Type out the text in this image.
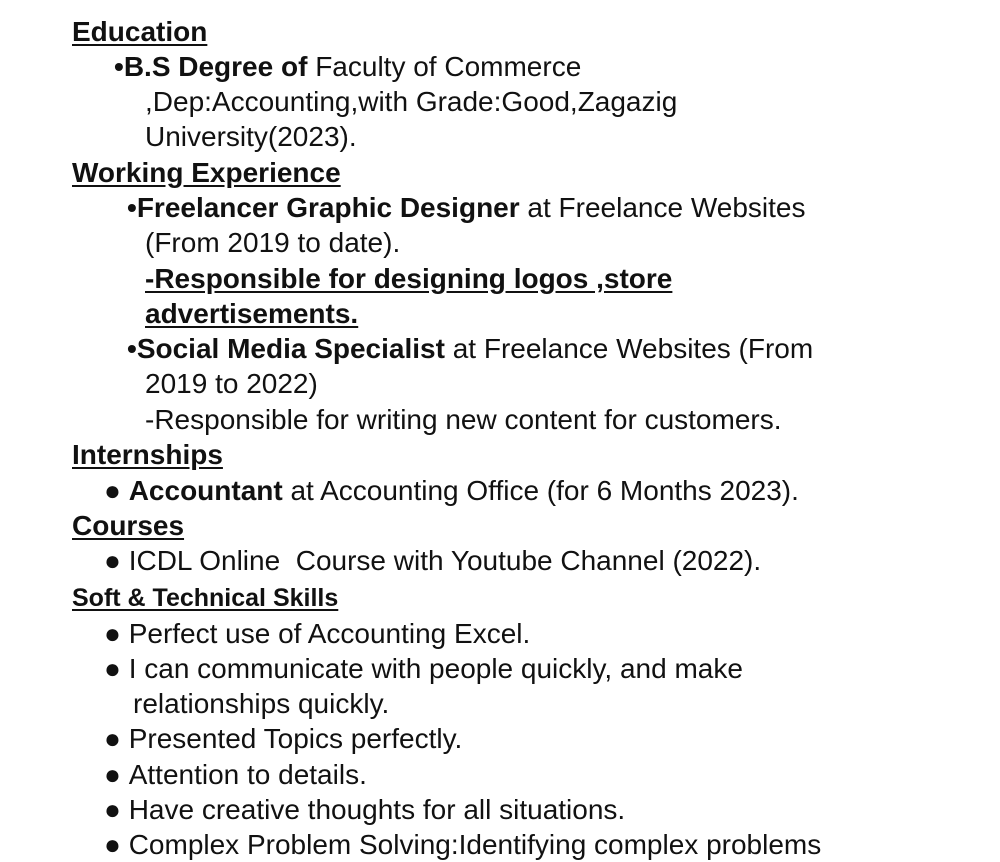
Education
•B.S Degree of Faculty of Commerce
,Dep:Accounting,with Grade:Good,Zagazig
University(2023).
Working Experience
•Freelancer Graphic Designer at Freelance Websites
(From 2019 to date).
-Responsible for designing logos ,store
advertisements.
•Social Media Specialist at Freelance Websites (From
2019 to 2022)
-Responsible for writing new content for customers.
Internships
● Accountant at Accounting Office (for 6 Months 2023).
Courses
● ICDL Online  Course with Youtube Channel (2022).
Soft & Technical Skills
● Perfect use of Accounting Excel.
● I can communicate with people quickly, and make
relationships quickly.
● Presented Topics perfectly.
● Attention to details.
● Have creative thoughts for all situations.
● Complex Problem Solving:Identifying complex problems
